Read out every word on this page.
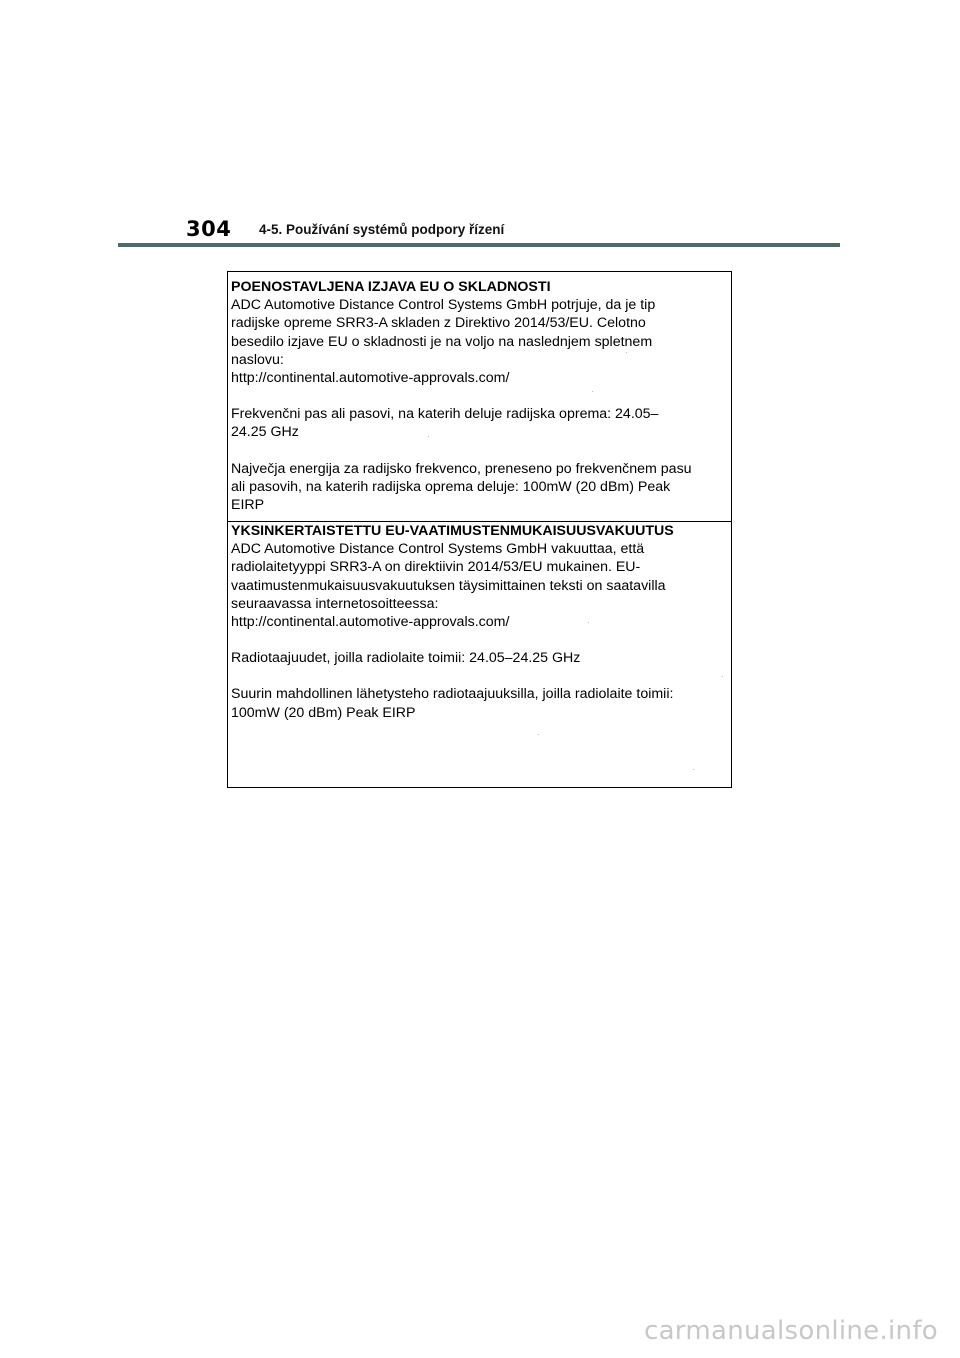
304	4-5. Používání systémů podpory řízení
POENOSTAVLJENA IZJAVA EU O SKLADNOSTI
ADC Automotive Distance Control Systems GmbH potrjuje, da je tip
radijske opreme SRR3-A skladen z Direktivo 2014/53/EU. Celotno
besedilo izjave EU o skladnosti je na voljo na naslednjem spletnem
naslovu:
http://continental.automotive-approvals.com/
Frekvenčni pas ali pasovi, na katerih deluje radijska oprema: 24.05–
24.25 GHz
Največja energija za radijsko frekvenco, preneseno po frekvenčnem pasu
ali pasovih, na katerih radijska oprema deluje: 100mW (20 dBm) Peak
EIRP
YKSINKERTAISTETTU EU-VAATIMUSTENMUKAISUUSVAKUUTUS
ADC Automotive Distance Control Systems GmbH vakuuttaa, että
radiolaitetyyppi SRR3-A on direktiivin 2014/53/EU mukainen. EU-
vaatimustenmukaisuusvakuutuksen täysimittainen teksti on saatavilla
seuraavassa internetosoitteessa:
http://continental.automotive-approvals.com/
Radiotaajuudet, joilla radiolaite toimii: 24.05–24.25 GHz
Suurin mahdollinen lähetysteho radiotaajuuksilla, joilla radiolaite toimii:
100mW (20 dBm) Peak EIRP
carmanualsonline.info
